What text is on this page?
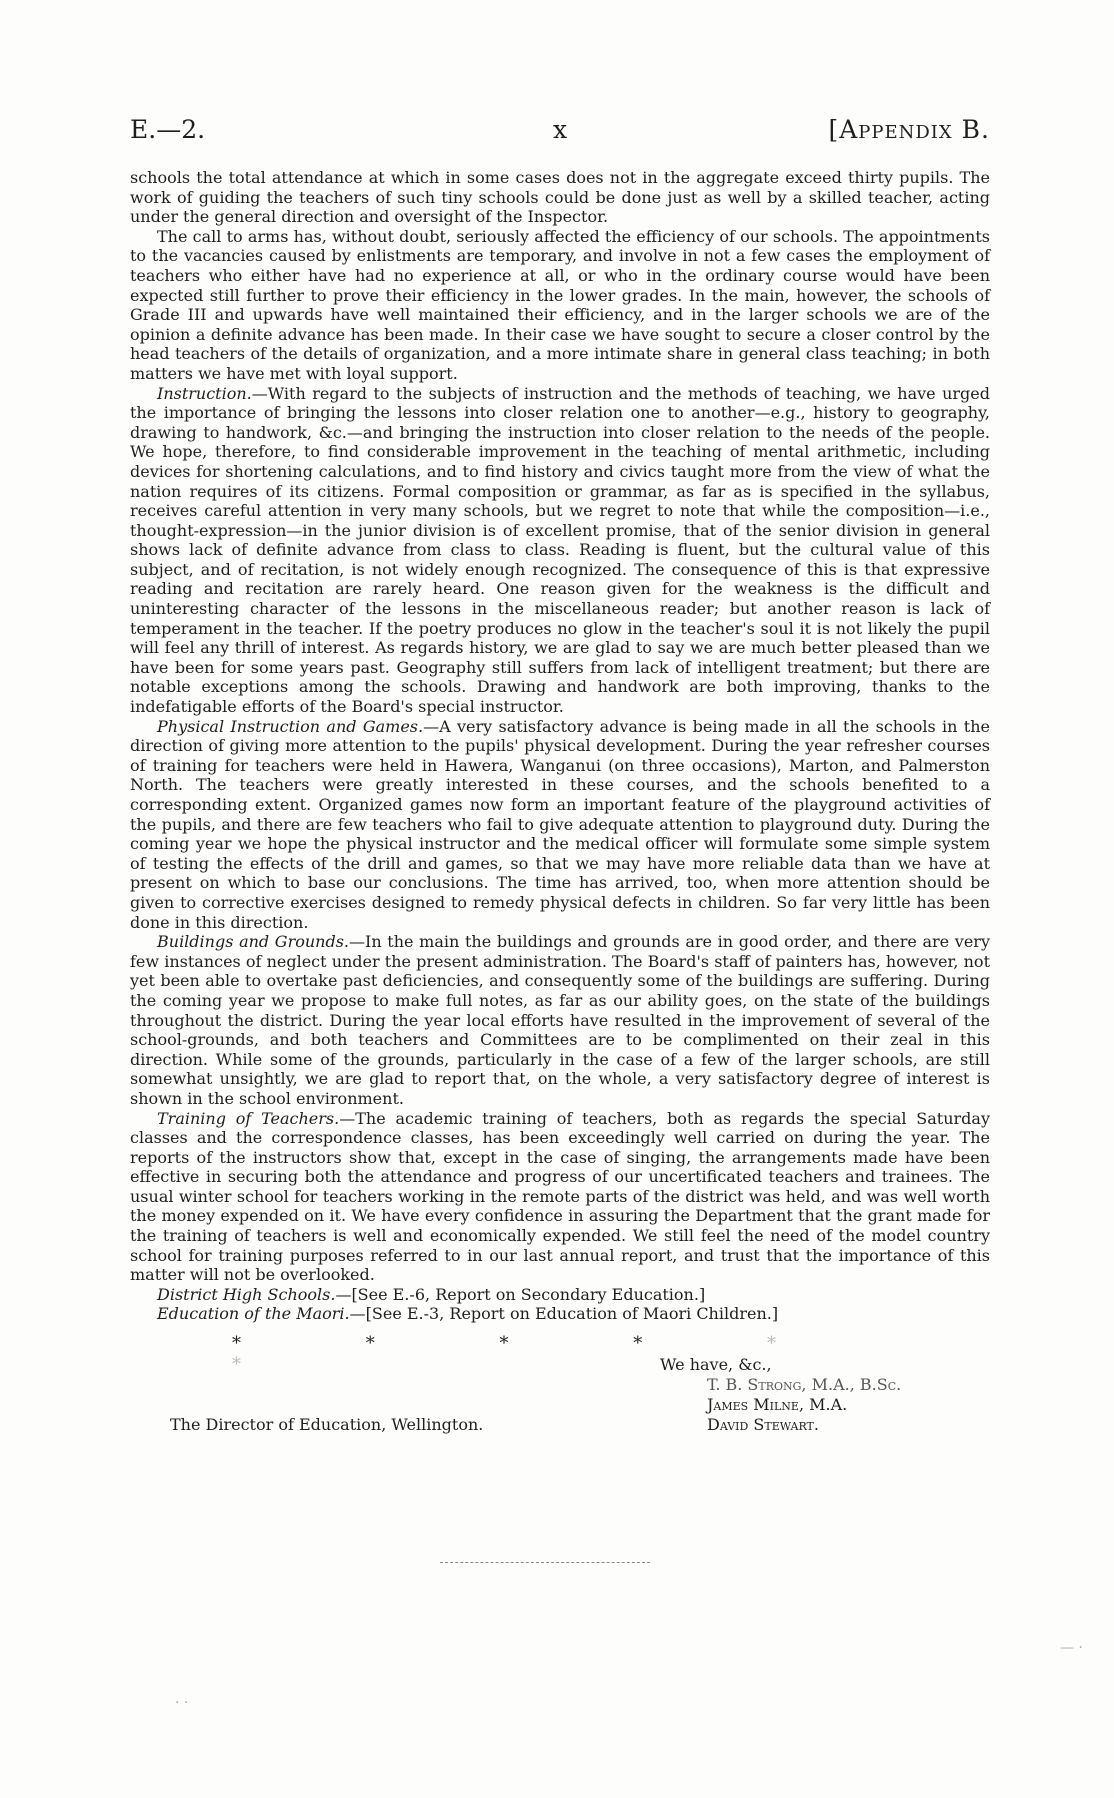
E.—2.	x	[Appendix B.

schools the total attendance at which in some cases does not in the aggregate exceed thirty pupils. The work of guiding the teachers of such tiny schools could be done just as well by a skilled teacher, acting under the general direction and oversight of the Inspector.

The call to arms has, without doubt, seriously affected the efficiency of our schools. The appointments to the vacancies caused by enlistments are temporary, and involve in not a few cases the employment of teachers who either have had no experience at all, or who in the ordinary course would have been expected still further to prove their efficiency in the lower grades. In the main, however, the schools of Grade III and upwards have well maintained their efficiency, and in the larger schools we are of the opinion a definite advance has been made. In their case we have sought to secure a closer control by the head teachers of the details of organization, and a more intimate share in general class teaching; in both matters we have met with loyal support.

Instruction.—With regard to the subjects of instruction and the methods of teaching, we have urged the importance of bringing the lessons into closer relation one to another—e.g., history to geography, drawing to handwork, &c.—and bringing the instruction into closer relation to the needs of the people. We hope, therefore, to find considerable improvement in the teaching of mental arithmetic, including devices for shortening calculations, and to find history and civics taught more from the view of what the nation requires of its citizens. Formal composition or grammar, as far as is specified in the syllabus, receives careful attention in very many schools, but we regret to note that while the composition—i.e., thought-expression—in the junior division is of excellent promise, that of the senior division in general shows lack of definite advance from class to class. Reading is fluent, but the cultural value of this subject, and of recitation, is not widely enough recognized. The consequence of this is that expressive reading and recitation are rarely heard. One reason given for the weakness is the difficult and uninteresting character of the lessons in the miscellaneous reader; but another reason is lack of temperament in the teacher. If the poetry produces no glow in the teacher's soul it is not likely the pupil will feel any thrill of interest. As regards history, we are glad to say we are much better pleased than we have been for some years past. Geography still suffers from lack of intelligent treatment; but there are notable exceptions among the schools. Drawing and handwork are both improving, thanks to the indefatigable efforts of the Board's special instructor.

Physical Instruction and Games.—A very satisfactory advance is being made in all the schools in the direction of giving more attention to the pupils' physical development. During the year refresher courses of training for teachers were held in Hawera, Wanganui (on three occasions), Marton, and Palmerston North. The teachers were greatly interested in these courses, and the schools benefited to a corresponding extent. Organized games now form an important feature of the playground activities of the pupils, and there are few teachers who fail to give adequate attention to playground duty. During the coming year we hope the physical instructor and the medical officer will formulate some simple system of testing the effects of the drill and games, so that we may have more reliable data than we have at present on which to base our conclusions. The time has arrived, too, when more attention should be given to corrective exercises designed to remedy physical defects in children. So far very little has been done in this direction.

Buildings and Grounds.—In the main the buildings and grounds are in good order, and there are very few instances of neglect under the present administration. The Board's staff of painters has, however, not yet been able to overtake past deficiencies, and consequently some of the buildings are suffering. During the coming year we propose to make full notes, as far as our ability goes, on the state of the buildings throughout the district. During the year local efforts have resulted in the improvement of several of the school-grounds, and both teachers and Committees are to be complimented on their zeal in this direction. While some of the grounds, particularly in the case of a few of the larger schools, are still somewhat unsightly, we are glad to report that, on the whole, a very satisfactory degree of interest is shown in the school environment.

Training of Teachers.—The academic training of teachers, both as regards the special Saturday classes and the correspondence classes, has been exceedingly well carried on during the year. The reports of the instructors show that, except in the case of singing, the arrangements made have been effective in securing both the attendance and progress of our uncertificated teachers and trainees. The usual winter school for teachers working in the remote parts of the district was held, and was well worth the money expended on it. We have every confidence in assuring the Department that the grant made for the training of teachers is well and economically expended. We still feel the need of the model country school for training purposes referred to in our last annual report, and trust that the importance of this matter will not be overlooked.

District High Schools.—[See E.-6, Report on Secondary Education.]

Education of the Maori.—[See E.-3, Report on Education of Maori Children.]

*	*	*	*	* *	We have, &c.,
T. B. Strong, M.A., B.Sc.
James Milne, M.A.
David Stewart.
The Director of Education, Wellington.
— ·
· ·
